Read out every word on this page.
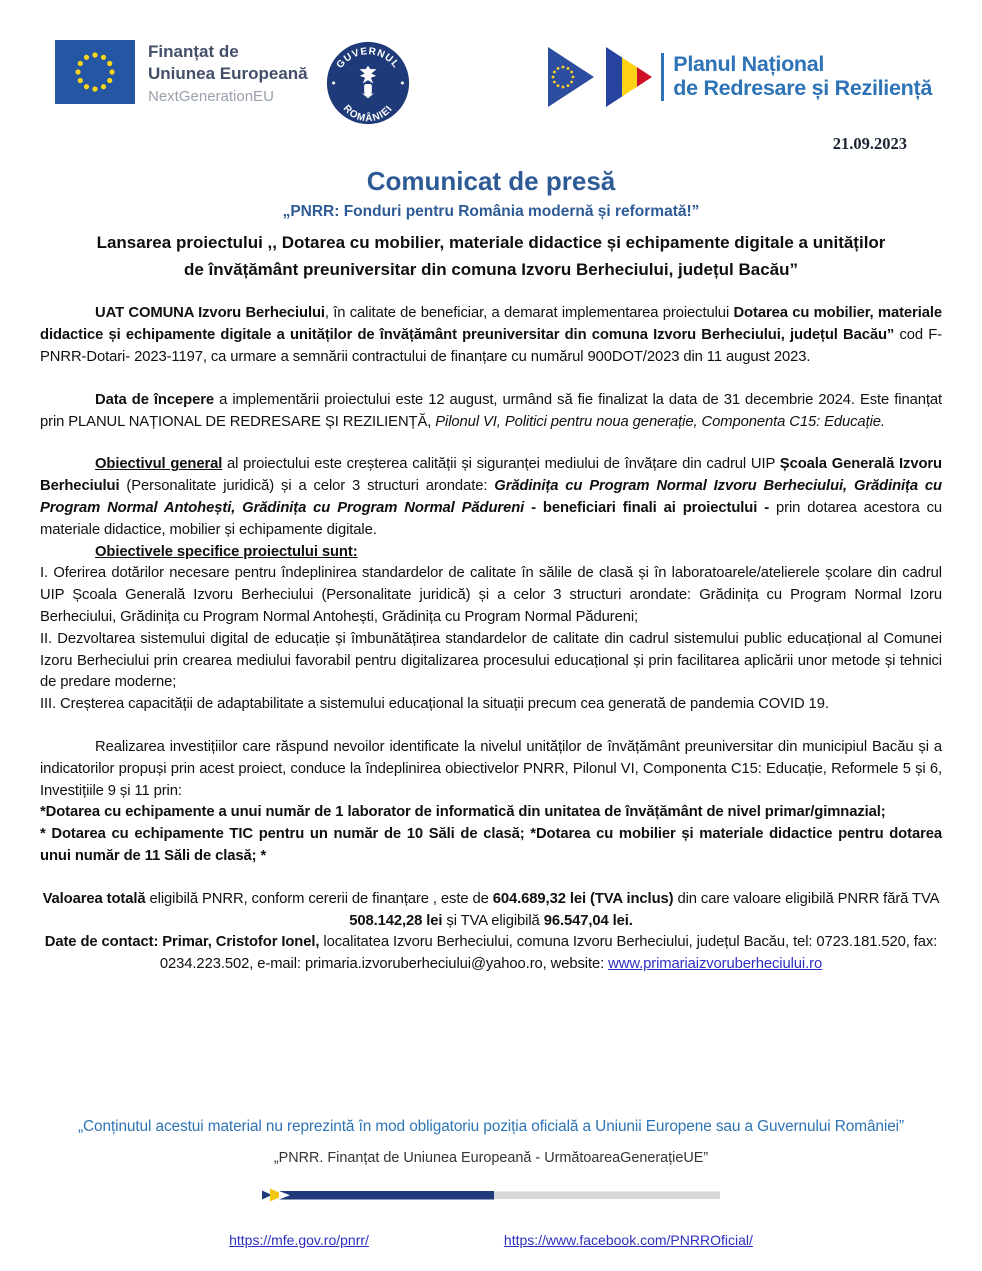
Finanțat de
Uniunea Europeană
NextGenerationEU
GUVERNUL
ROMÂNIEI
Planul Național
de Redresare și Reziliență
21.09.2023
Comunicat de presă
„PNRR: Fonduri pentru România modernă și reformată!”
Lansarea proiectului ,, Dotarea cu mobilier, materiale didactice și echipamente digitale a unităților de învățământ preuniversitar din comuna Izvoru Berheciului, județul Bacău”

UAT COMUNA Izvoru Berheciului, în calitate de beneficiar, a demarat implementarea proiectului Dotarea cu mobilier, materiale didactice și echipamente digitale a unităților de învățământ preuniversitar din comuna Izvoru Berheciului, județul Bacău” cod F-PNRR-Dotari- 2023-1197, ca urmare a semnării contractului de finanțare cu numărul 900DOT/2023 din 11 august 2023.

Data de începere a implementării proiectului este 12 august, urmând să fie finalizat la data de 31 decembrie 2024. Este finanțat prin PLANUL NAȚIONAL DE REDRESARE ȘI REZILIENȚĂ, Pilonul VI, Politici pentru noua generație, Componenta C15: Educație.

Obiectivul general al proiectului este creșterea calității și siguranței mediului de învățare din cadrul UIP Școala Generală Izvoru Berheciului (Personalitate juridică) și a celor 3 structuri arondate: Grădinița cu Program Normal Izvoru Berheciului, Grădinița cu Program Normal Antohești, Grădinița cu Program Normal Pădureni - beneficiari finali ai proiectului - prin dotarea acestora cu materiale didactice, mobilier și echipamente digitale.

Obiectivele specifice proiectului sunt:

I. Oferirea dotărilor necesare pentru îndeplinirea standardelor de calitate în sălile de clasă și în laboratoarele/atelierele școlare din cadrul UIP Școala Generală Izvoru Berheciului (Personalitate juridică) și a celor 3 structuri arondate: Grădinița cu Program Normal Izoru Berheciului, Grădinița cu Program Normal Antohești, Grădinița cu Program Normal Pădureni;

II. Dezvoltarea sistemului digital de educație și îmbunătățirea standardelor de calitate din cadrul sistemului public educațional al Comunei Izoru Berheciului prin crearea mediului favorabil pentru digitalizarea procesului educațional și prin facilitarea aplicării unor metode și tehnici de predare moderne;

III. Creșterea capacității de adaptabilitate a sistemului educațional la situații precum cea generată de pandemia COVID 19.

Realizarea investițiilor care răspund nevoilor identificate la nivelul unităților de învățământ preuniversitar din municipiul Bacău și a indicatorilor propuși prin acest proiect, conduce la îndeplinirea obiectivelor PNRR, Pilonul VI, Componenta C15: Educație, Reformele 5 și 6, Investițiile 9 și 11 prin:

*Dotarea cu echipamente a unui număr de 1 laborator de informatică din unitatea de învățământ de nivel primar/gimnazial;

* Dotarea cu echipamente TIC pentru un număr de 10 Săli de clasă; *Dotarea cu mobilier și materiale didactice pentru dotarea unui număr de 11 Săli de clasă; *

Valoarea totală eligibilă PNRR, conform cererii de finanțare , este de 604.689,32 lei (TVA inclus) din care valoare eligibilă PNRR fără TVA 508.142,28 lei și TVA eligibilă 96.547,04 lei.

Date de contact: Primar, Cristofor Ionel, localitatea Izvoru Berheciului, comuna Izvoru Berheciului, județul Bacău, tel: 0723.181.520, fax: 0234.223.502, e-mail: primaria.izvoruberheciului@yahoo.ro, website: www.primariaizvoruberheciului.ro

„Conținutul acestui material nu reprezintă în mod obligatoriu poziția oficială a Uniunii Europene sau a Guvernului României”
„PNRR. Finanțat de Uniunea Europeană - UrmătoareaGenerațieUE”
https://mfe.gov.ro/pnrr/	https://www.facebook.com/PNRROficial/
